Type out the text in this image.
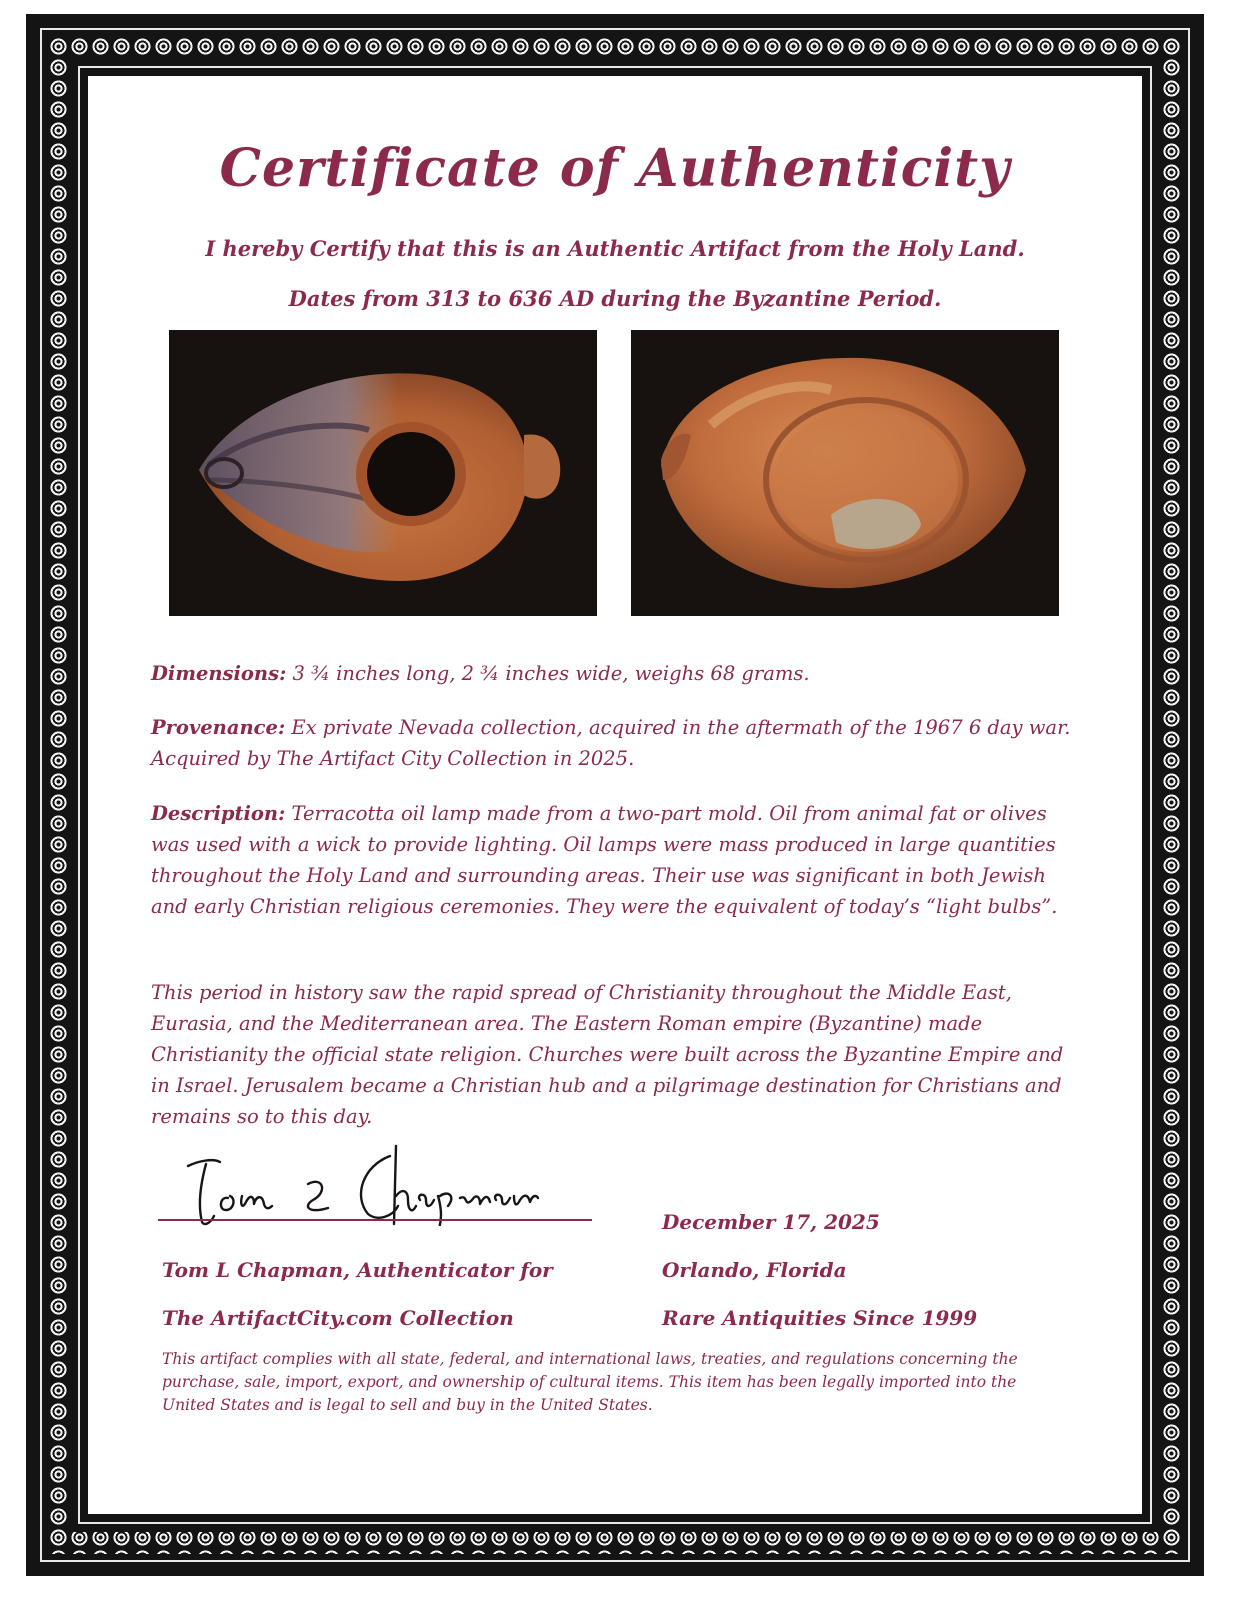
Certificate of Authenticity
I hereby Certify that this is an Authentic Artifact from the Holy Land.
Dates from 313 to 636 AD during the Byzantine Period.
Dimensions: 3 ¾ inches long, 2 ¾ inches wide, weighs 68 grams.
Provenance: Ex private Nevada collection, acquired in the aftermath of the 1967 6 day war. Acquired by The Artifact City Collection in 2025.
Description: Terracotta oil lamp made from a two-part mold. Oil from animal fat or olives was used with a wick to provide lighting. Oil lamps were mass produced in large quantities throughout the Holy Land and surrounding areas. Their use was significant in both Jewish and early Christian religious ceremonies. They were the equivalent of today’s “light bulbs”.
This period in history saw the rapid spread of Christianity throughout the Middle East, Eurasia, and the Mediterranean area. The Eastern Roman empire (Byzantine) made Christianity the official state religion. Churches were built across the Byzantine Empire and in Israel. Jerusalem became a Christian hub and a pilgrimage destination for Christians and remains so to this day.
Tom L Chapman, Authenticator for
The ArtifactCity.com Collection
December 17, 2025
Orlando, Florida
Rare Antiquities Since 1999
This artifact complies with all state, federal, and international laws, treaties, and regulations concerning the purchase, sale, import, export, and ownership of cultural items. This item has been legally imported into the United States and is legal to sell and buy in the United States.
